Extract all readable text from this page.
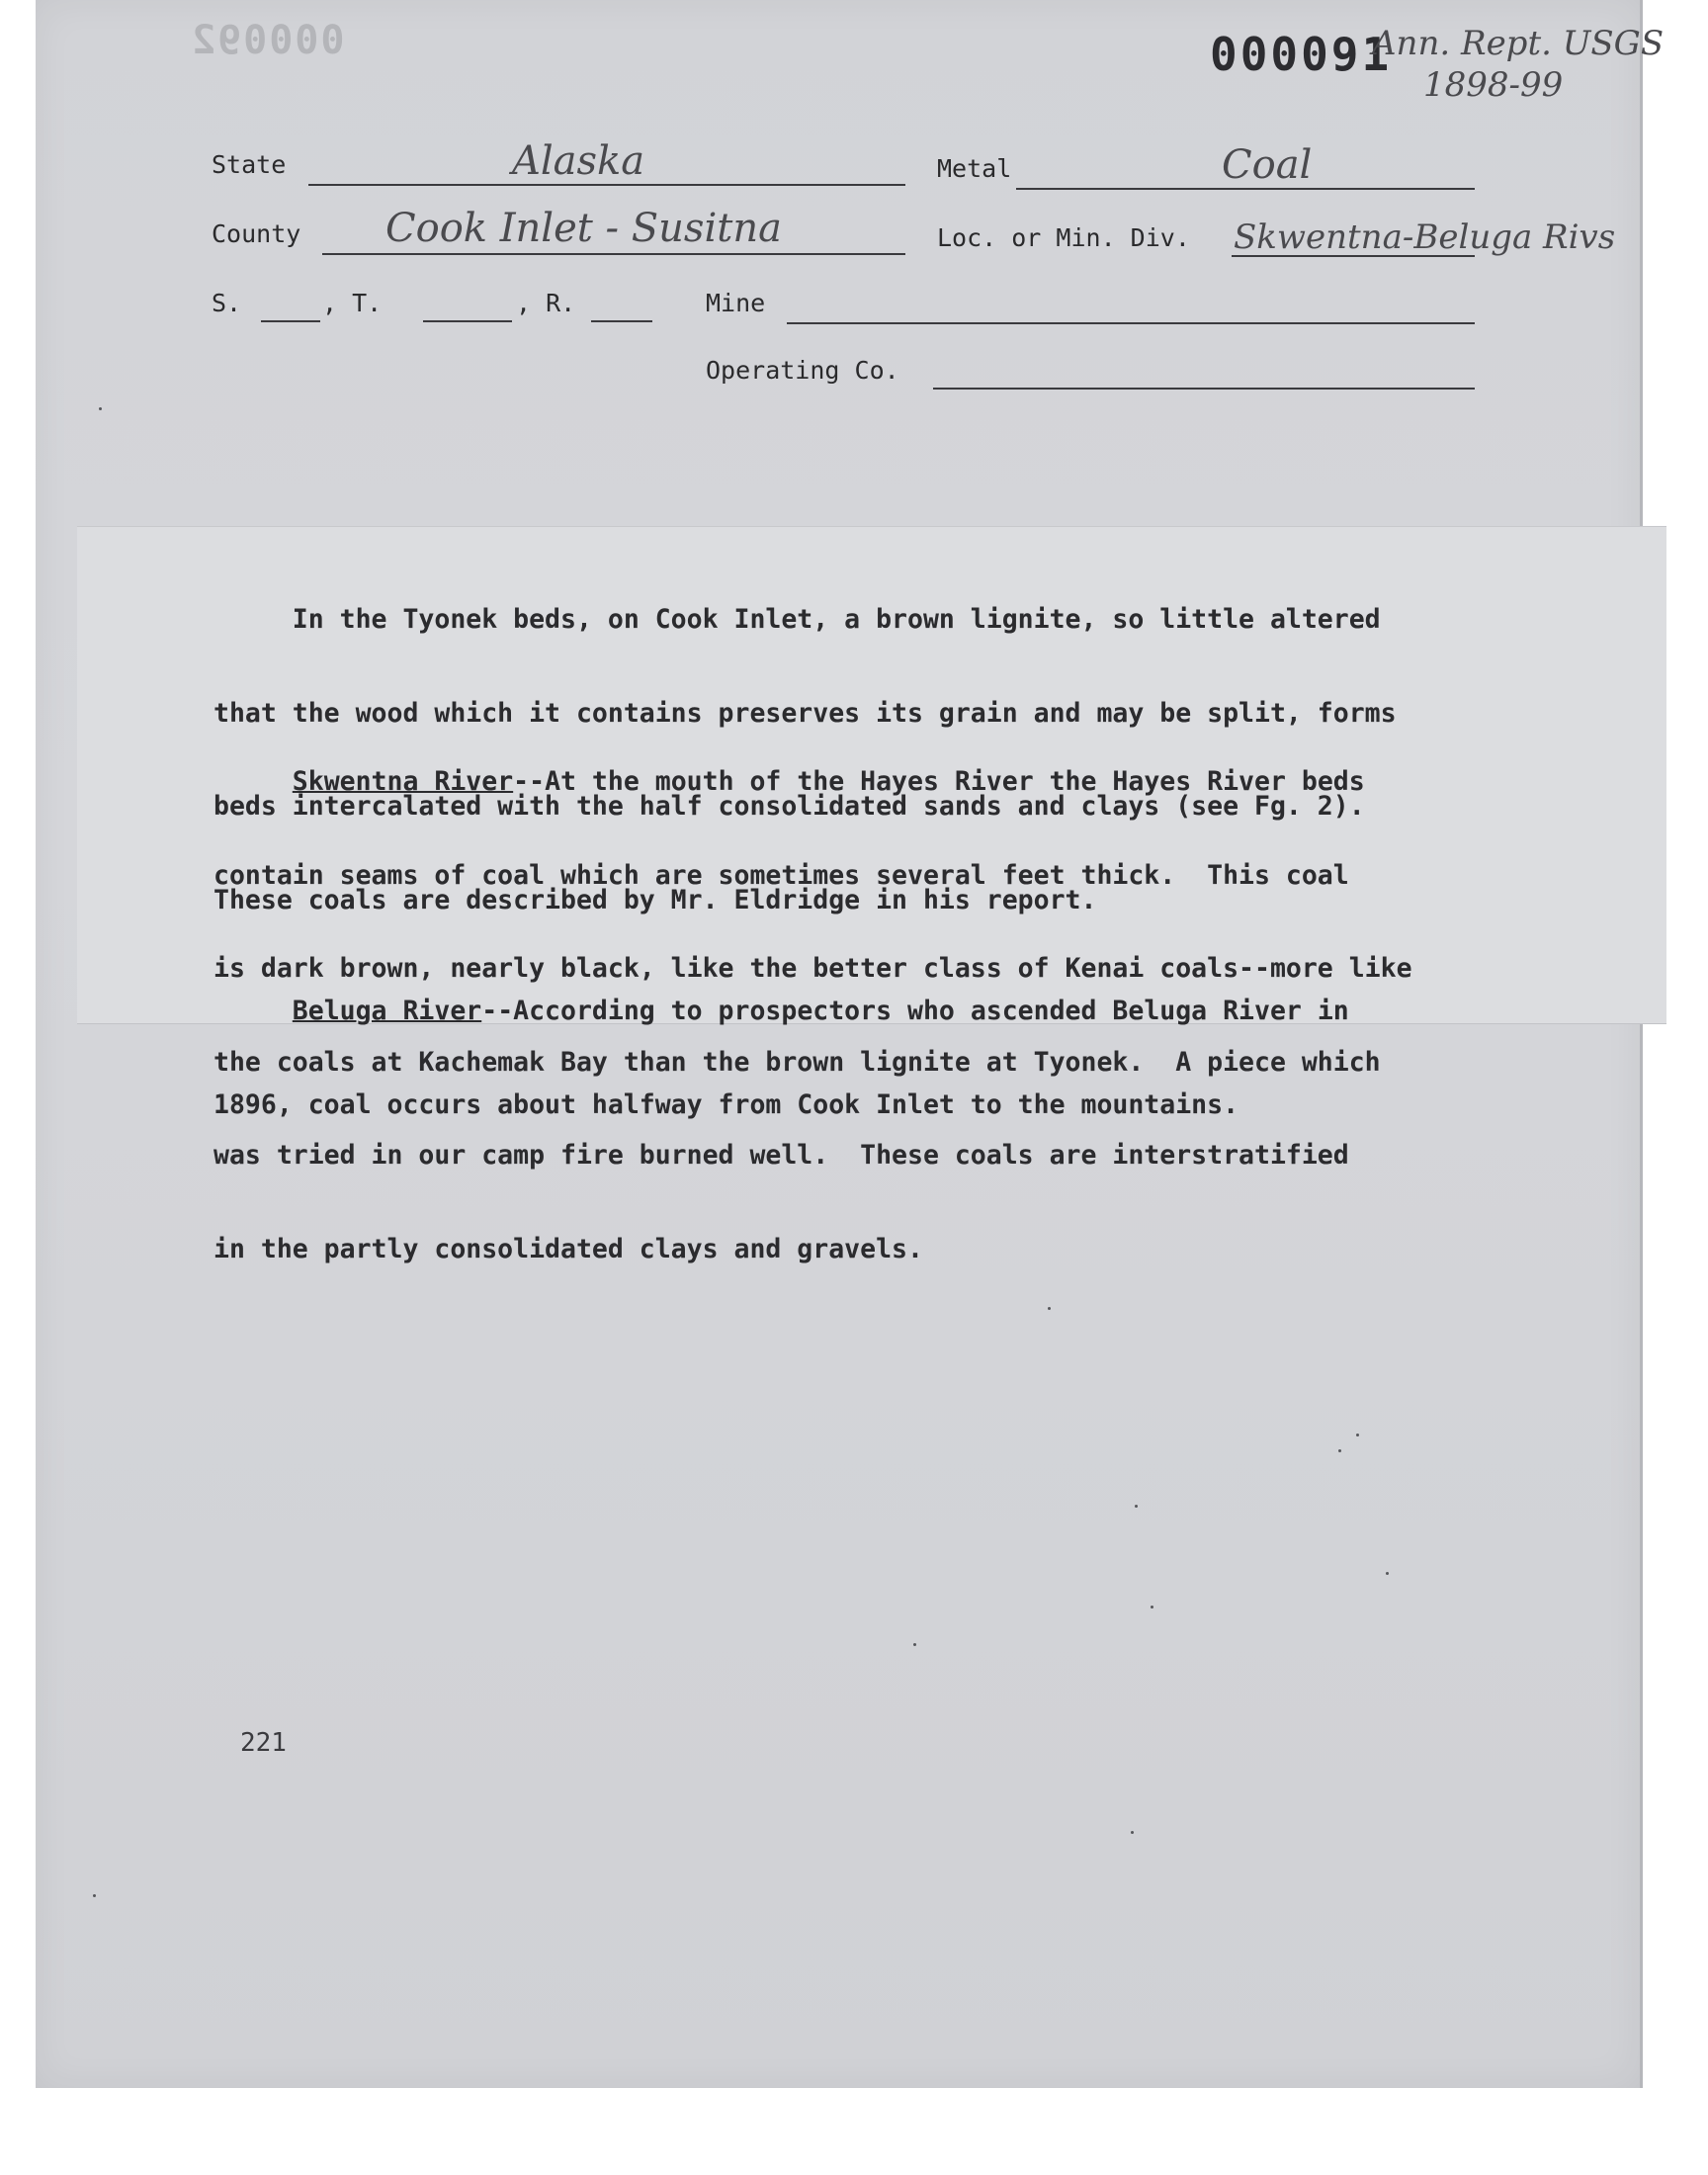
000092	000091
Ann. Rept. USGS
1898-99
State	Alaska	Metal	Coal
County Cook Inlet - Susitna	Loc. or Min. Div. Skwentna-Beluga Rivs
S.	, T.	, R.	Mine
Operating Co.

In the Tyonek beds, on Cook Inlet, a brown lignite, so little altered

that the wood which it contains preserves its grain and may be split, forms

beds intercalated with the half consolidated sands and clays (see Fg. 2).

These coals are described by Mr. Eldridge in his report.

Skwentna River--At the mouth of the Hayes River the Hayes River beds

contain seams of coal which are sometimes several feet thick.  This coal

is dark brown, nearly black, like the better class of Kenai coals--more like

the coals at Kachemak Bay than the brown lignite at Tyonek.  A piece which

was tried in our camp fire burned well.  These coals are interstratified

in the partly consolidated clays and gravels.

Beluga River--According to prospectors who ascended Beluga River in

1896, coal occurs about halfway from Cook Inlet to the mountains.

221
